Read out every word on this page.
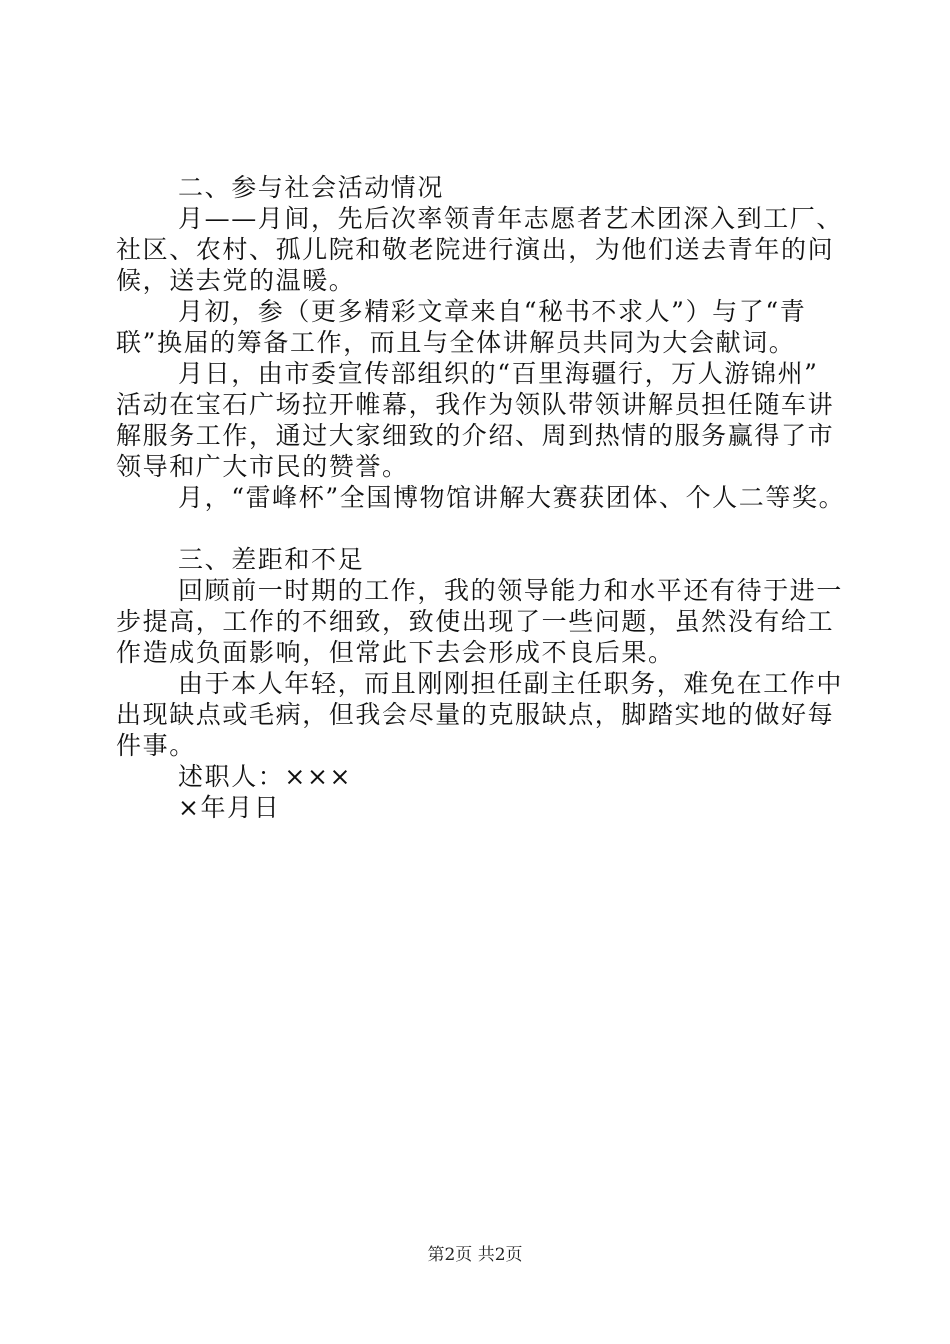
二、参与社会活动情况
月——月间，先后次率领青年志愿者艺术团深入到工厂、
社区、农村、孤儿院和敬老院进行演出，为他们送去青年的问
候，送去党的温暖。
月初，参（更多精彩文章来自“秘书不求人”）与了“青
联”换届的筹备工作，而且与全体讲解员共同为大会献词。
月日，由市委宣传部组织的“百里海疆行，万人游锦州”
活动在宝石广场拉开帷幕，我作为领队带领讲解员担任随车讲
解服务工作，通过大家细致的介绍、周到热情的服务赢得了市
领导和广大市民的赞誉。
月，“雷峰杯”全国博物馆讲解大赛获团体、个人二等奖。
三、差距和不足
回顾前一时期的工作，我的领导能力和水平还有待于进一
步提高，工作的不细致，致使出现了一些问题，虽然没有给工
作造成负面影响，但常此下去会形成不良后果。
由于本人年轻，而且刚刚担任副主任职务，难免在工作中
出现缺点或毛病，但我会尽量的克服缺点，脚踏实地的做好每
件事。
述职人：×××
×年月日
第2页 共2页
